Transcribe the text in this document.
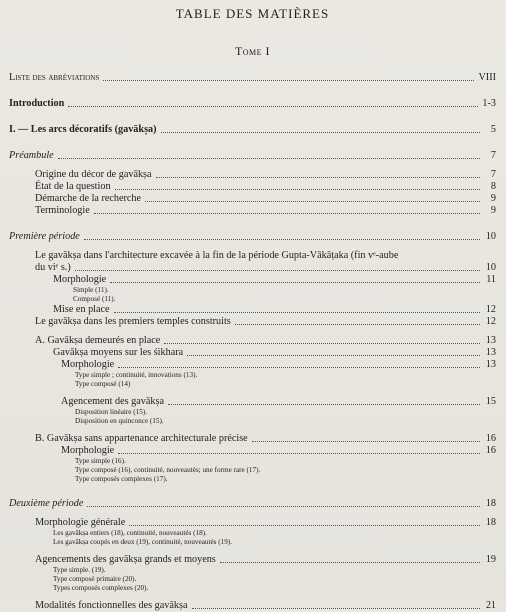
TABLE DES MATIÈRES
Tome I
Liste des abréviations	VIII
Introduction	1-3
I. — Les arcs décoratifs (gavākṣa)	5
Préambule	7
Origine du décor de gavākṣa	7
État de la question	8
Démarche de la recherche	9
Terminologie	9
Première période	10
Le gavākṣa dans l'architecture excavée à la fin de la période Gupta-Vākāṭaka (fin vᵉ-aube
du viᵉ s.)	10
Morphologie	11
Simple (11).
Composé (11).
Mise en place	12
Le gavākṣa dans les premiers temples construits	12
A. Gavākṣa demeurés en place	13
Gavākṣa moyens sur les śikhara	13
Morphologie	13
Type simple ; continuité, innovations (13).
Type composé (14)
Agencement des gavākṣa	15
Disposition linéaire (15).
Disposition en quinconce (15).
B. Gavākṣa sans appartenance architecturale précise	16
Morphologie	16
Type simple (16).
Type composé (16), continuité, nouveautés; une forme rare (17).
Type composés complexes (17).
Deuxième période	18
Morphologie générale	18
Les gavākṣa entiers (18), continuité, nouveautés (18).
Les gavākṣa coupés en deux (19), continuité, nouveautés (19).
Agencements des gavākṣa grands et moyens	19
Type simple. (19).
Type composé primaire (20).
Types composés complexes (20).
Modalités fonctionnelles des gavākṣa	21
